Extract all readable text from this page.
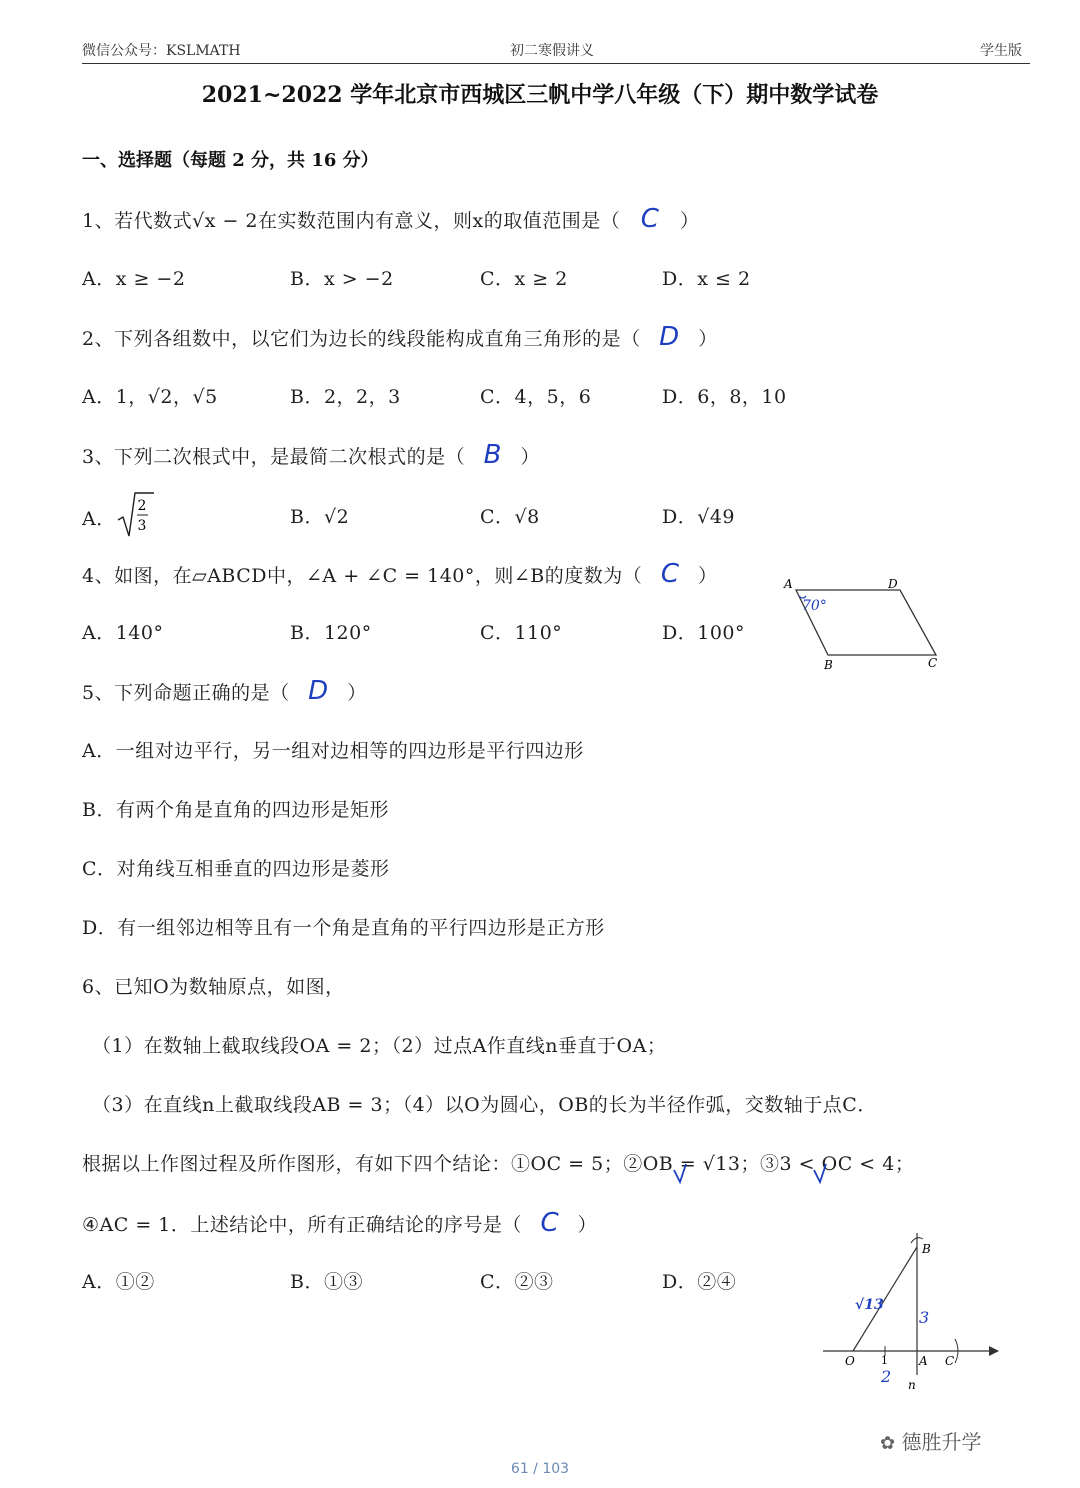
微信公众号：KSLMATH	初二寒假讲义	学生版
2021~2022 学年北京市西城区三帆中学八年级（下）期中数学试卷
一、选择题（每题 2 分，共 16 分）
1、若代数式√x − 2在实数范围内有意义，则x的取值范围是（ C ）
A．x ≥ −2	B．x > −2	C．x ≥ 2	D．x ≤ 2
2、下列各组数中，以它们为边长的线段能构成直角三角形的是（ D ）
A．1，√2，√5	B．2，2，3	C．4，5，6	D．6，8，10
3、下列二次根式中，是最简二次根式的是（ B ）
A．
2
3	B．√2	C．√8	D．√49
4、如图，在▱ABCD中，∠A + ∠C = 140°，则∠B的度数为（ C ）
A．140°	B．120°	C．110°	D．100°
A	D
B	C
70°
5、下列命题正确的是（ D ）
A．一组对边平行，另一组对边相等的四边形是平行四边形
B．有两个角是直角的四边形是矩形
C．对角线互相垂直的四边形是菱形
D．有一组邻边相等且有一个角是直角的平行四边形是正方形
6、已知O为数轴原点，如图，
（1）在数轴上截取线段OA = 2；（2）过点A作直线n垂直于OA；
（3）在直线n上截取线段AB = 3；（4）以O为圆心，OB的长为半径作弧，交数轴于点C．
根据以上作图过程及所作图形，有如下四个结论：①OC = 5；②OB = √13；③3 < OC < 4；
④AC = 1．上述结论中，所有正确结论的序号是（ C ）
A．①②	B．①③	C．②③	D．②④
B
O 1	A C
n
√13
3
2
✿ 德胜升学
61 / 103
